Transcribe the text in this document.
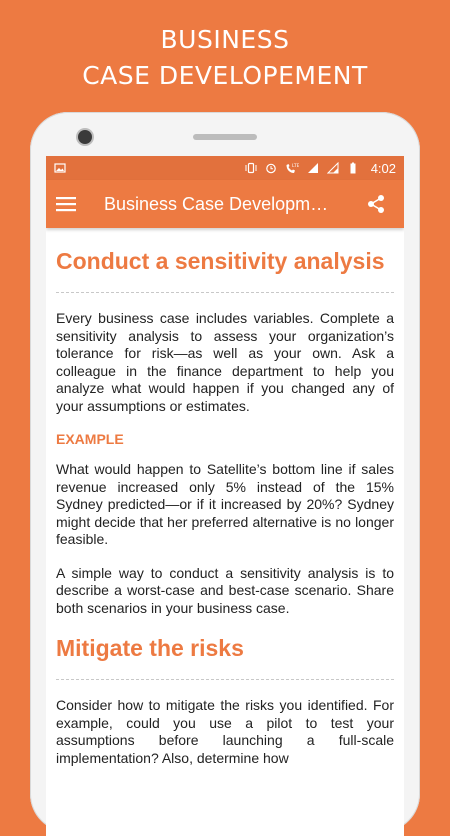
BUSINESS
CASE DEVELOPEMENT
LTE	4:02
Business Case Developm…
Conduct a sensitivity analysis

Every business case includes variables. Complete a sensitivity analysis to assess your organization’s tolerance for risk—as well as your own. Ask a colleague in the finance department to help you analyze what would happen if you changed any of your assumptions or estimates.

EXAMPLE

What would happen to Satellite’s bottom line if sales revenue increased only 5% instead of the 15% Sydney predicted—or if it increased by 20%? Sydney might decide that her preferred alternative is no longer feasible.

A simple way to conduct a sensitivity analysis is to describe a worst-case and best-case scenario. Share both scenarios in your business case.

Mitigate the risks

Consider how to mitigate the risks you identified. For example, could you use a pilot to test your assumptions before launching a full-scale implementation? Also, determine how
